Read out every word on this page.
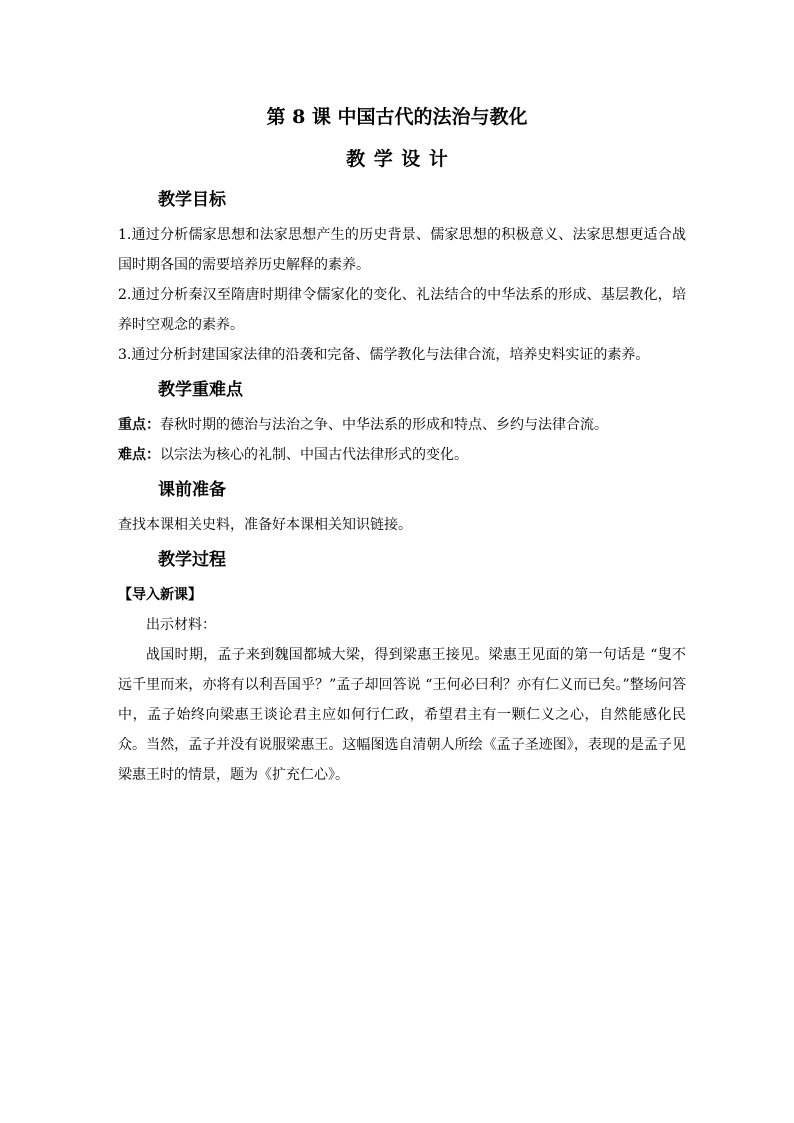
第 8 课 中国古代的法治与教化
教学设计

教学目标

1.通过分析儒家思想和法家思想产生的历史背景、儒家思想的积极意义、法家思想更适合战国时期各国的需要培养历史解释的素养。

2.通过分析秦汉至隋唐时期律令儒家化的变化、礼法结合的中华法系的形成、基层教化，培养时空观念的素养。

3.通过分析封建国家法律的沿袭和完备、儒学教化与法律合流，培养史料实证的素养。

教学重难点

重点：春秋时期的德治与法治之争、中华法系的形成和特点、乡约与法律合流。

难点：以宗法为核心的礼制、中国古代法律形式的变化。

课前准备

查找本课相关史料，准备好本课相关知识链接。

教学过程

【导入新课】

出示材料：

战国时期，孟子来到魏国都城大梁，得到梁惠王接见。梁惠王见面的第一句话是 “叟不远千里而来，亦将有以利吾国乎？”孟子却回答说 “王何必曰利？亦有仁义而已矣。”整场问答中，孟子始终向梁惠王谈论君主应如何行仁政，希望君主有一颗仁义之心，自然能感化民众。当然，孟子并没有说服梁惠王。这幅图选自清朝人所绘《孟子圣迹图》，表现的是孟子见梁惠王时的情景，题为《扩充仁心》。
